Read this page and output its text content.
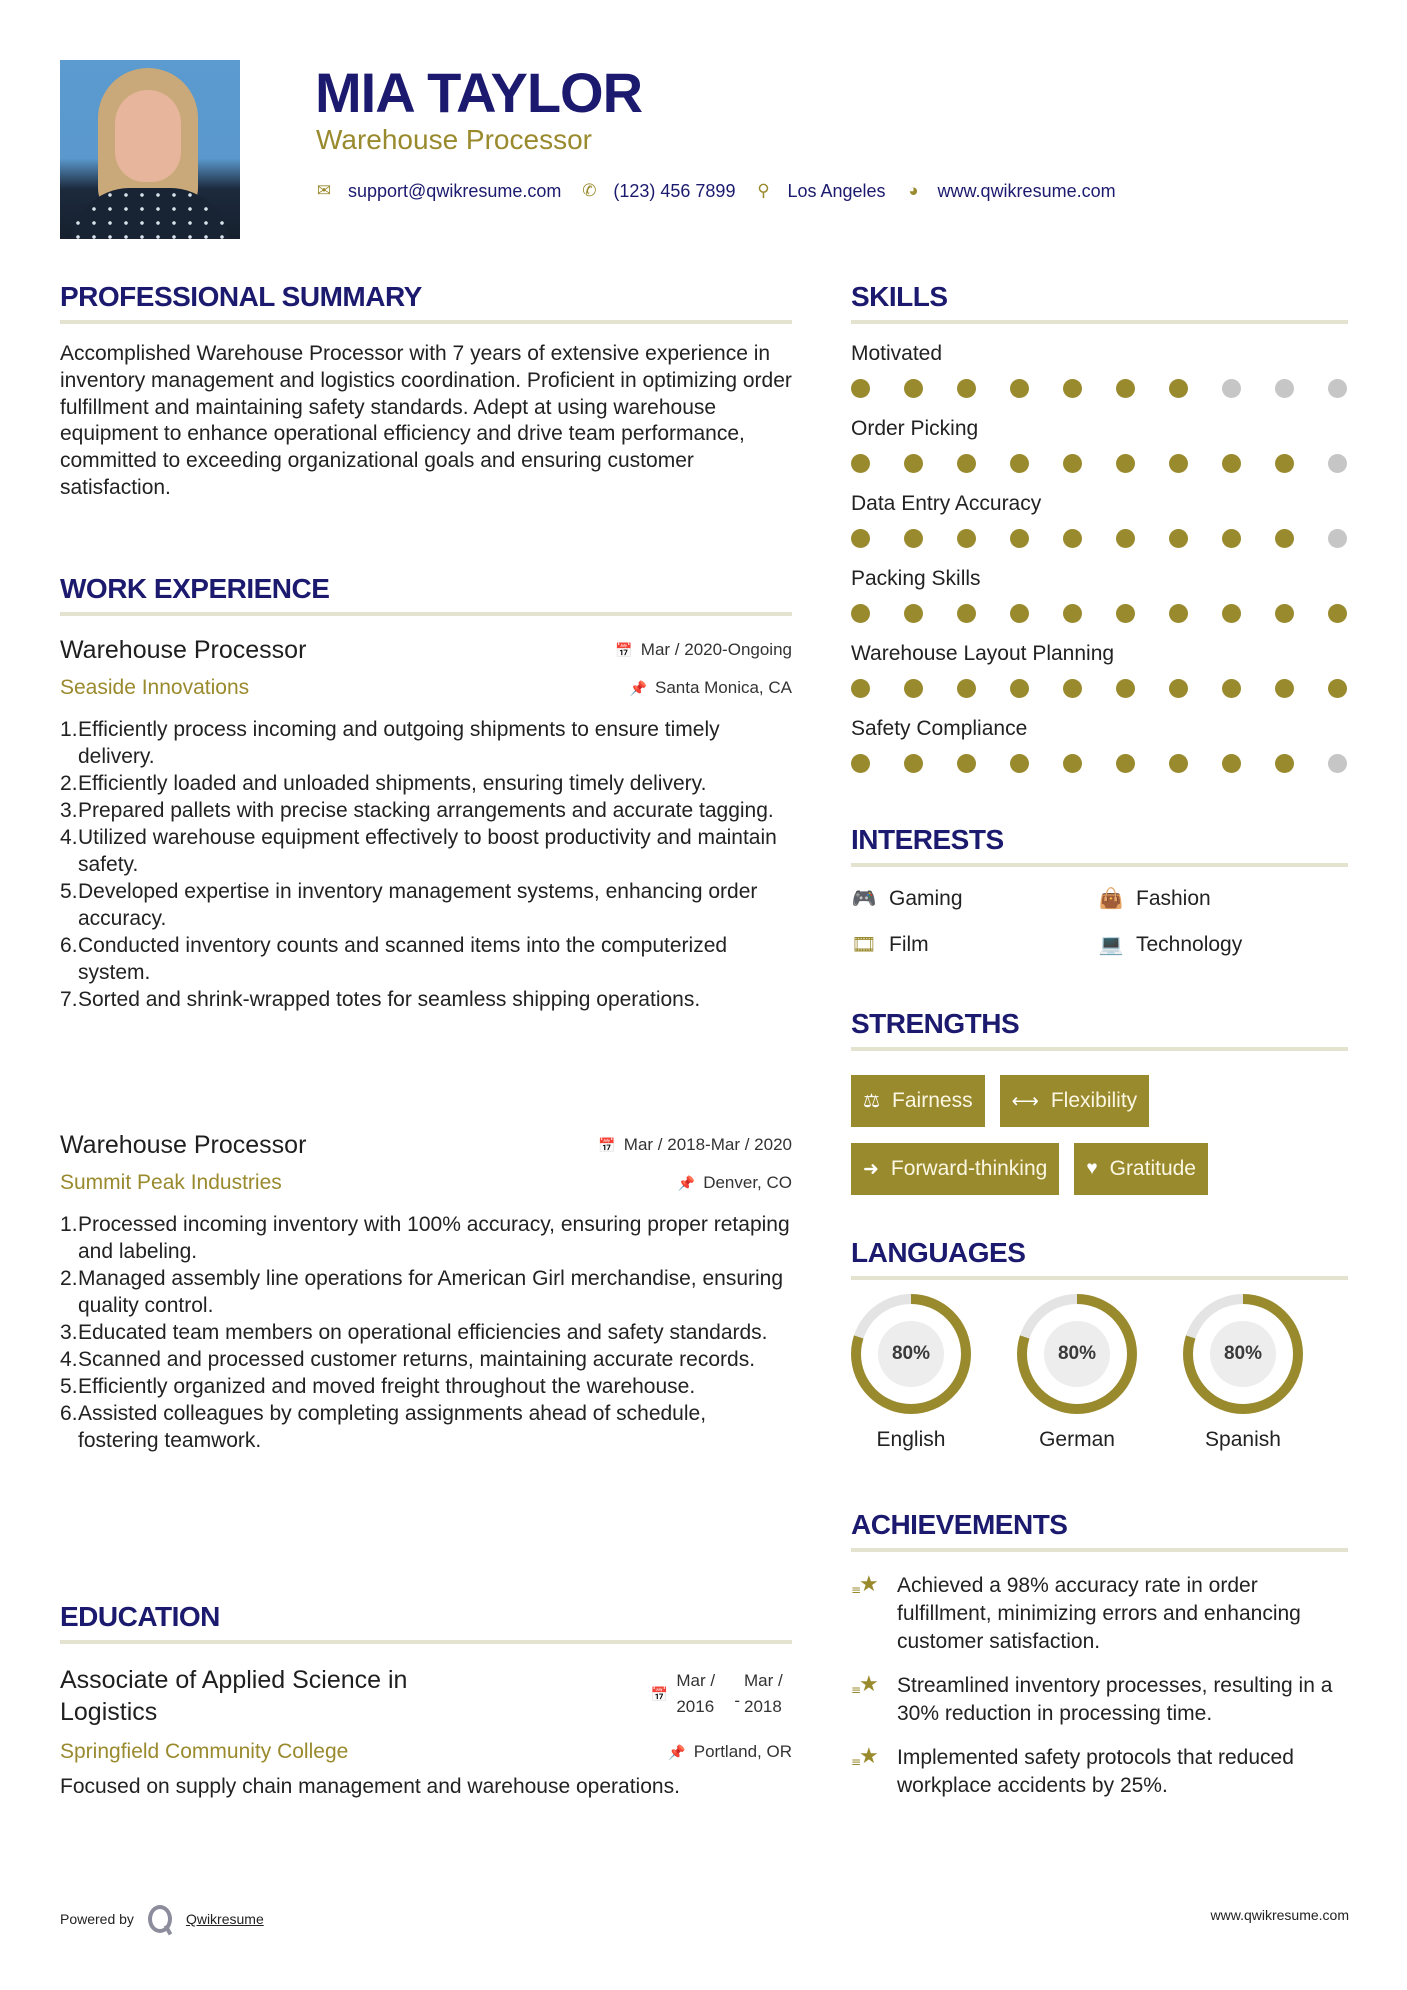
MIA TAYLOR
Warehouse Processor
✉ support@qwikresume.com ✆ (123) 456 7899 ⚲ Los Angeles ◕ www.qwikresume.com
PROFESSIONAL SUMMARY
Accomplished Warehouse Processor with 7 years of extensive experience in inventory management and logistics coordination. Proficient in optimizing order fulfillment and maintaining safety standards. Adept at using warehouse equipment to enhance operational efficiency and drive team performance, committed to exceeding organizational goals and ensuring customer satisfaction.
WORK EXPERIENCE
Warehouse Processor	📅 Mar / 2020-Ongoing
Seaside Innovations	📌 Santa Monica, CA
Efficiently process incoming and outgoing shipments to ensure timely delivery.
Efficiently loaded and unloaded shipments, ensuring timely delivery.
Prepared pallets with precise stacking arrangements and accurate tagging.
Utilized warehouse equipment effectively to boost productivity and maintain safety.
Developed expertise in inventory management systems, enhancing order accuracy.
Conducted inventory counts and scanned items into the computerized system.
Sorted and shrink-wrapped totes for seamless shipping operations.
Warehouse Processor	📅 Mar / 2018-Mar / 2020
Summit Peak Industries	📌 Denver, CO
Processed incoming inventory with 100% accuracy, ensuring proper retaping and labeling.
Managed assembly line operations for American Girl merchandise, ensuring quality control.
Educated team members on operational efficiencies and safety standards.
Scanned and processed customer returns, maintaining accurate records.
Efficiently organized and moved freight throughout the warehouse.
Assisted colleagues by completing assignments ahead of schedule, fostering teamwork.
EDUCATION
Associate of Applied Science in Logistics
📅
Mar / 2016	-
Mar / 2018
Springfield Community College	📌 Portland, OR
Focused on supply chain management and warehouse operations.
SKILLS
Motivated
Order Picking
Data Entry Accuracy
Packing Skills
Warehouse Layout Planning
Safety Compliance
INTERESTS
🎮 Gaming	👜 Fashion
🎞 Film	💻 Technology
STRENGTHS
⚖ Fairness ⟷ Flexibility
➜ Forward-thinking ♥ Gratitude
LANGUAGES
80%
English
80%
German
80%
Spanish
ACHIEVEMENTS
≡ ★ Achieved a 98% accuracy rate in order fulfillment, minimizing errors and enhancing customer satisfaction.
≡ ★ Streamlined inventory processes, resulting in a 30% reduction in processing time.
≡ ★ Implemented safety protocols that reduced workplace accidents by 25%.
Powered by	Qwikresume	www.qwikresume.com
